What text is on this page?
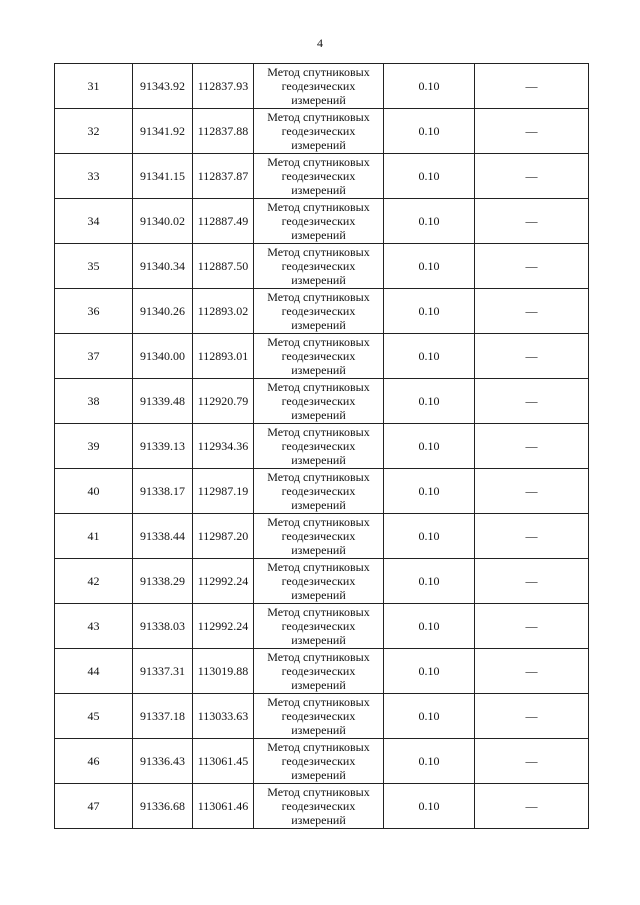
4
31	91343.92	112837.93	Метод спутниковых геодезических измерений	0.10	—
32	91341.92	112837.88	Метод спутниковых геодезических измерений	0.10	—
33	91341.15	112837.87	Метод спутниковых геодезических измерений	0.10	—
34	91340.02	112887.49	Метод спутниковых геодезических измерений	0.10	—
35	91340.34	112887.50	Метод спутниковых геодезических измерений	0.10	—
36	91340.26	112893.02	Метод спутниковых геодезических измерений	0.10	—
37	91340.00	112893.01	Метод спутниковых геодезических измерений	0.10	—
38	91339.48	112920.79	Метод спутниковых геодезических измерений	0.10	—
39	91339.13	112934.36	Метод спутниковых геодезических измерений	0.10	—
40	91338.17	112987.19	Метод спутниковых геодезических измерений	0.10	—
41	91338.44	112987.20	Метод спутниковых геодезических измерений	0.10	—
42	91338.29	112992.24	Метод спутниковых геодезических измерений	0.10	—
43	91338.03	112992.24	Метод спутниковых геодезических измерений	0.10	—
44	91337.31	113019.88	Метод спутниковых геодезических измерений	0.10	—
45	91337.18	113033.63	Метод спутниковых геодезических измерений	0.10	—
46	91336.43	113061.45	Метод спутниковых геодезических измерений	0.10	—
47	91336.68	113061.46	Метод спутниковых геодезических измерений	0.10	—
